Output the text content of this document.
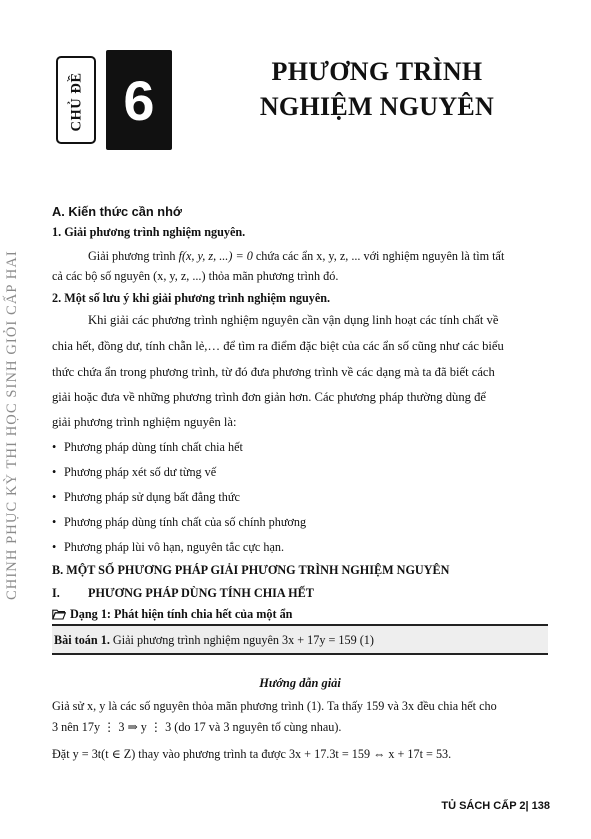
CHINH PHỤC KỲ THI HỌC SINH GIỎI CẤP HAI
CHỦ ĐỀ 6	PHƯƠNG TRÌNH
NGHIỆM NGUYÊN
A. Kiến thức cần nhớ
1. Giải phương trình nghiệm nguyên.
Giải phương trình f(x, y, z, ...) = 0 chứa các ẩn x, y, z, ... với nghiệm nguyên là tìm tất
cả các bộ số nguyên (x, y, z, ...) thỏa mãn phương trình đó.
2. Một số lưu ý khi giải phương trình nghiệm nguyên.
Khi giải các phương trình nghiệm nguyên cần vận dụng linh hoạt các tính chất về
chia hết, đồng dư, tính chẵn lẻ,… để tìm ra điểm đặc biệt của các ẩn số cũng như các biểu
thức chứa ẩn trong phương trình, từ đó đưa phương trình về các dạng mà ta đã biết cách
giải hoặc đưa về những phương trình đơn giản hơn. Các phương pháp thường dùng để
giải phương trình nghiệm nguyên là:
• Phương pháp dùng tính chất chia hết
• Phương pháp xét số dư từng vế
• Phương pháp sử dụng bất đẳng thức
• Phương pháp dùng tính chất của số chính phương
• Phương pháp lùi vô hạn, nguyên tắc cực hạn.
B. MỘT SỐ PHƯƠNG PHÁP GIẢI PHƯƠNG TRÌNH NGHIỆM NGUYÊN
I. PHƯƠNG PHÁP DÙNG TÍNH CHIA HẾT
Dạng 1: Phát hiện tính chia hết của một ẩn
Bài toán 1. Giải phương trình nghiệm nguyên 3x + 17y = 159 (1)
Hướng dẫn giải
Giả sử x, y là các số nguyên thỏa mãn phương trình (1). Ta thấy 159 và 3x đều chia hết cho
3 nên 17y ⋮ 3 ⇒ y ⋮ 3 (do 17 và 3 nguyên tố cùng nhau).
Đặt y = 3t(t ∈ Z) thay vào phương trình ta được 3x + 17.3t = 159 ⇔ x + 17t = 53.
TỦ SÁCH CẤP 2| 138
